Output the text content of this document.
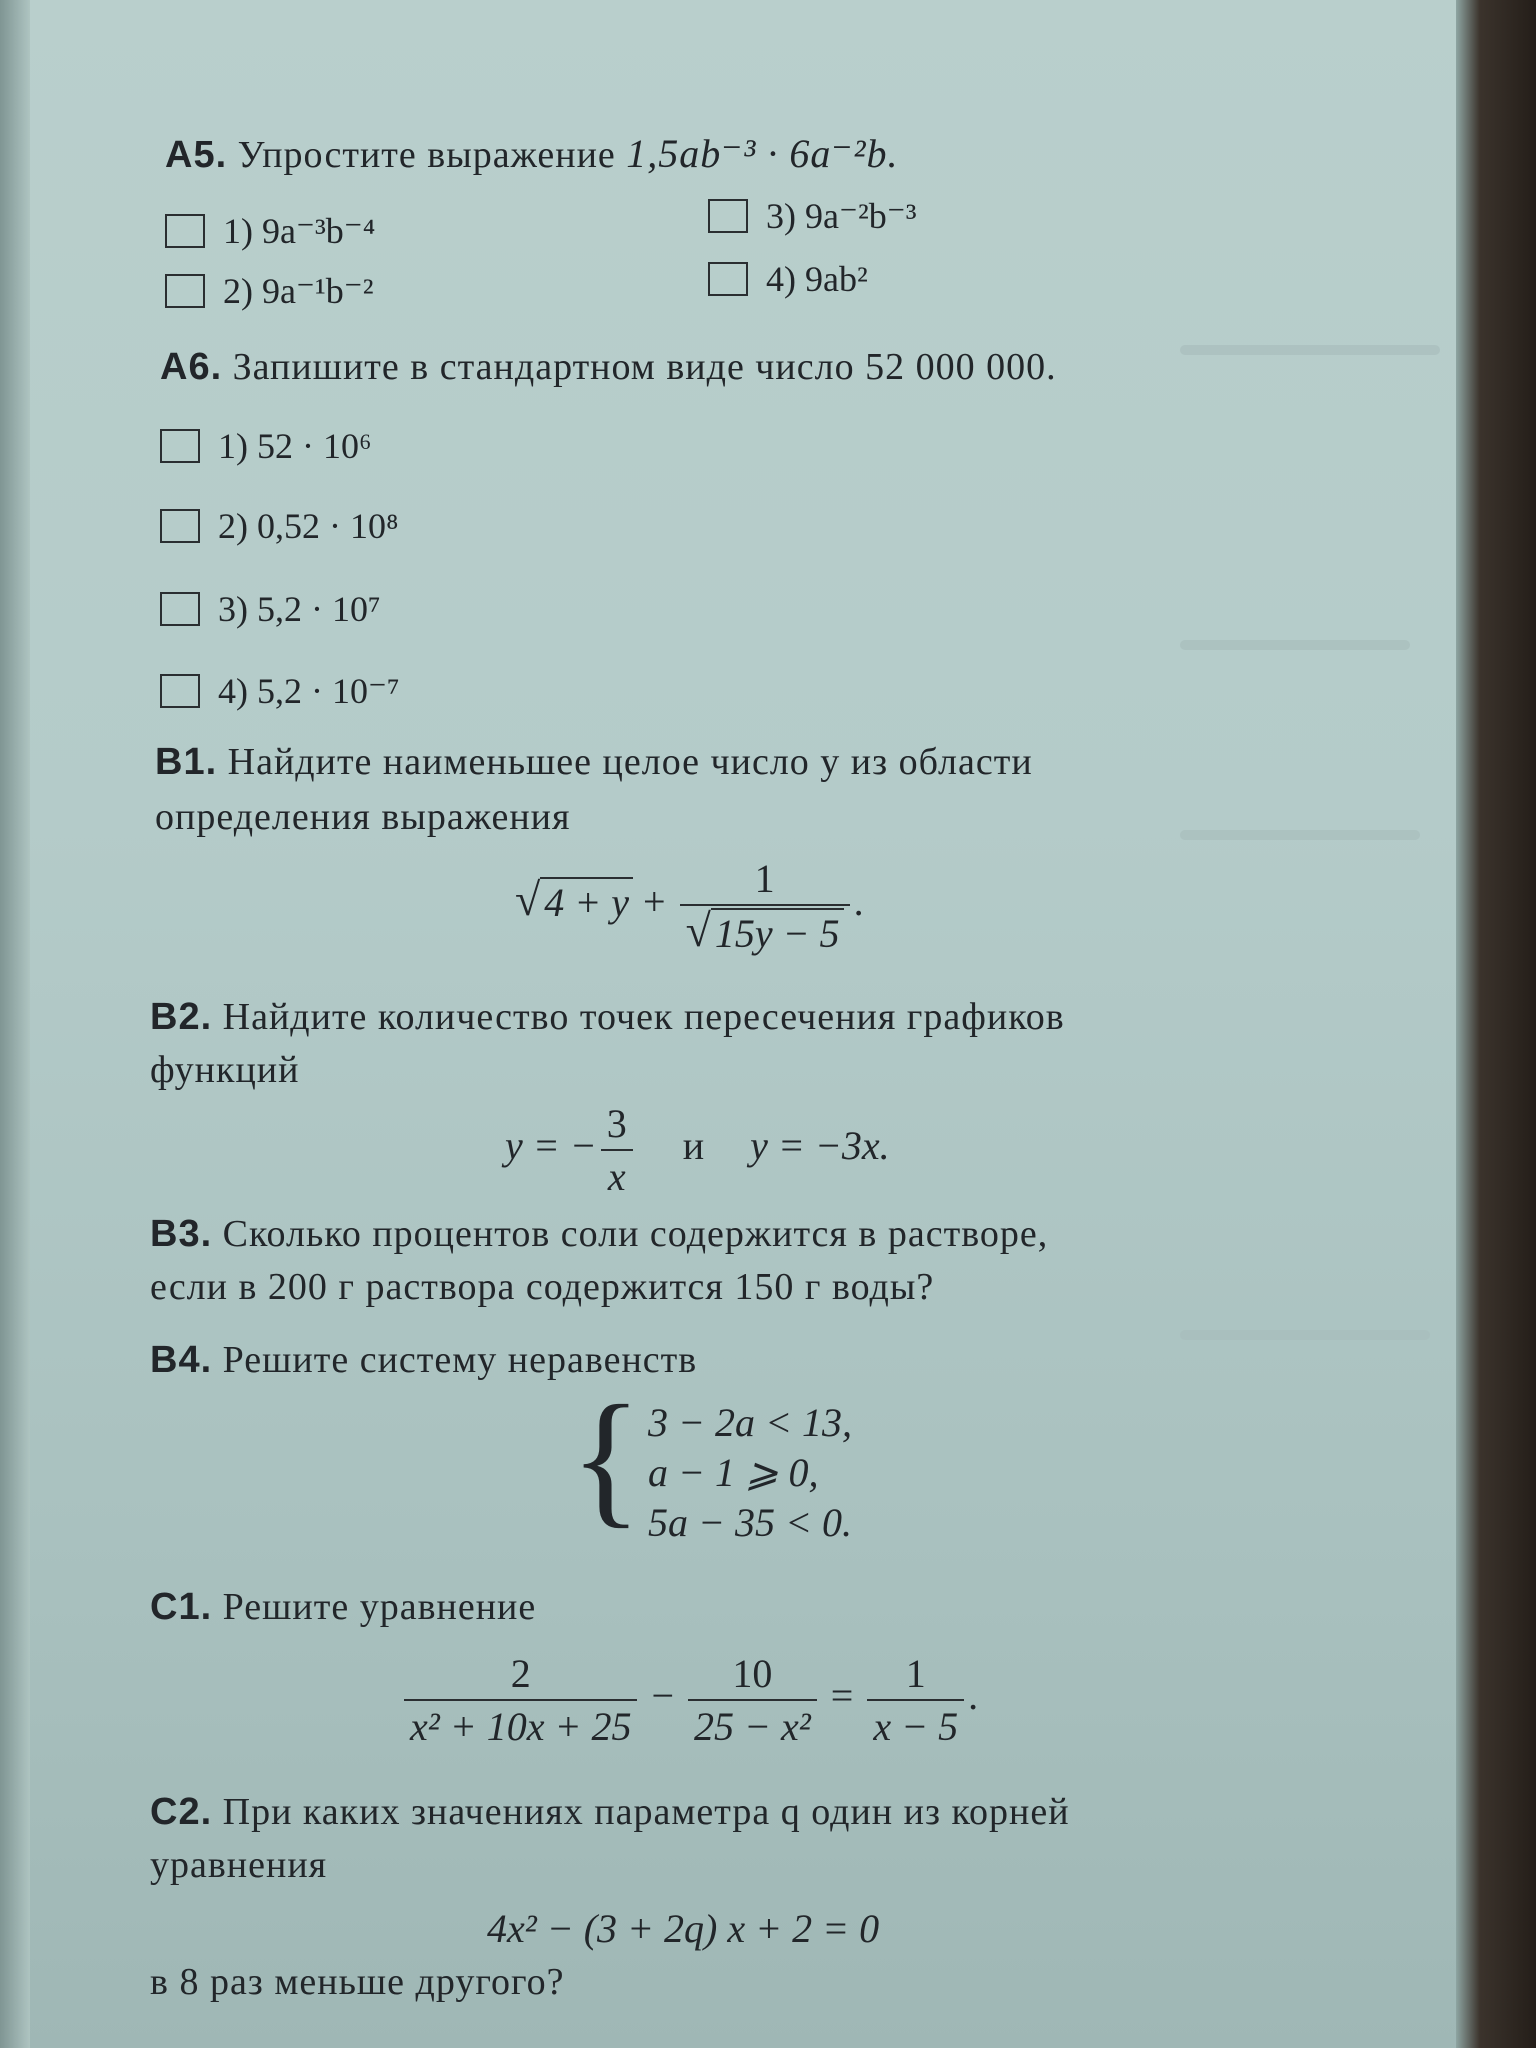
А5. Упростите выражение 1,5ab⁻³ · 6a⁻²b.
1) 9a⁻³b⁻⁴	3) 9a⁻²b⁻³
2) 9a⁻¹b⁻²	4) 9ab²
А6. Запишите в стандартном виде число 52 000 000.
1) 52 · 10⁶
2) 0,52 · 10⁸
3) 5,2 · 10⁷
4) 5,2 · 10⁻⁷
В1. Найдите наименьшее целое число y из области
определения выражения
√ $4 + y + \frac{1}{√ 15y - 5}$ .
В2. Найдите количество точек пересечения графиков
функций
y = − $\frac{3}{x}$ и y = −3x.
В3. Сколько процентов соли содержится в растворе,
если в 200 г раствора содержится 150 г воды?
В4. Решите систему неравенств
{ 3 − 2a < 13,
a − 1 ⩾ 0,
5a − 35 < 0.
С1. Решите уравнение
$\frac{2}{\text{x² + 10x + 25}} - \frac{10}{\text{25 − x²}} = \frac{1}{x - 5}$ .
С2. При каких значениях параметра q один из корней
уравнения
4x² − (3 + 2q) x + 2 = 0
в 8 раз меньше другого?
